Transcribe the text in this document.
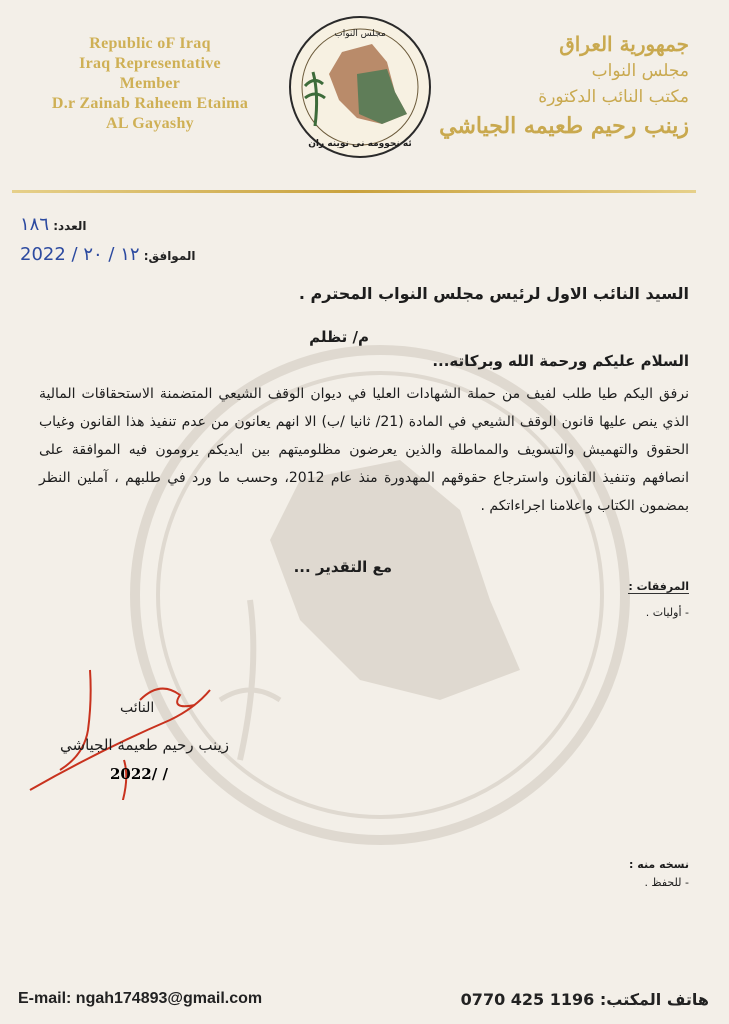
Republic oF Iraq
Iraq Representative
Member
D.r Zainab Raheem Etaima
AL Gayashy
مجلس النواب
ئه نجوومه نی نوینه ران
جمهورية العراق
مجلس النواب
مكتب النائب الدكتورة
زينب رحيم طعيمه الجياشي
العدد: ١٨٦
الموافق: 2022 / ١٢ / ٢٠
السيد النائب الاول لرئيس مجلس النواب المحترم .
م/ تظلم
السلام عليكم ورحمة الله وبركاته...
نرفق اليكم طيا طلب لفيف من حملة الشهادات العليا في ديوان الوقف الشيعي المتضمنة الاستحقاقات المالية الذي ينص عليها قانون الوقف الشيعي في المادة (21/ ثانيا /ب) الا انهم يعانون من عدم تنفيذ هذا القانون وغياب الحقوق والتهميش والتسويف والمماطلة والذين يعرضون مظلوميتهم بين ايديكم يرومون فيه الموافقة على انصافهم وتنفيذ القانون واسترجاع حقوقهم المهدورة منذ عام 2012، وحسب ما ورد في طلبهم ، آملين النظر بمضمون الكتاب واعلامنا اجراءاتكم .
مع التقدير ...
المرفقات :
- أوليات .
النائب
زينب رحيم طعيمة الجياشي
2022/ /
نسخه منه :
- للحفظ .
E-mail: ngah174893@gmail.com	هاتف المكتب: 1196 425 0770
